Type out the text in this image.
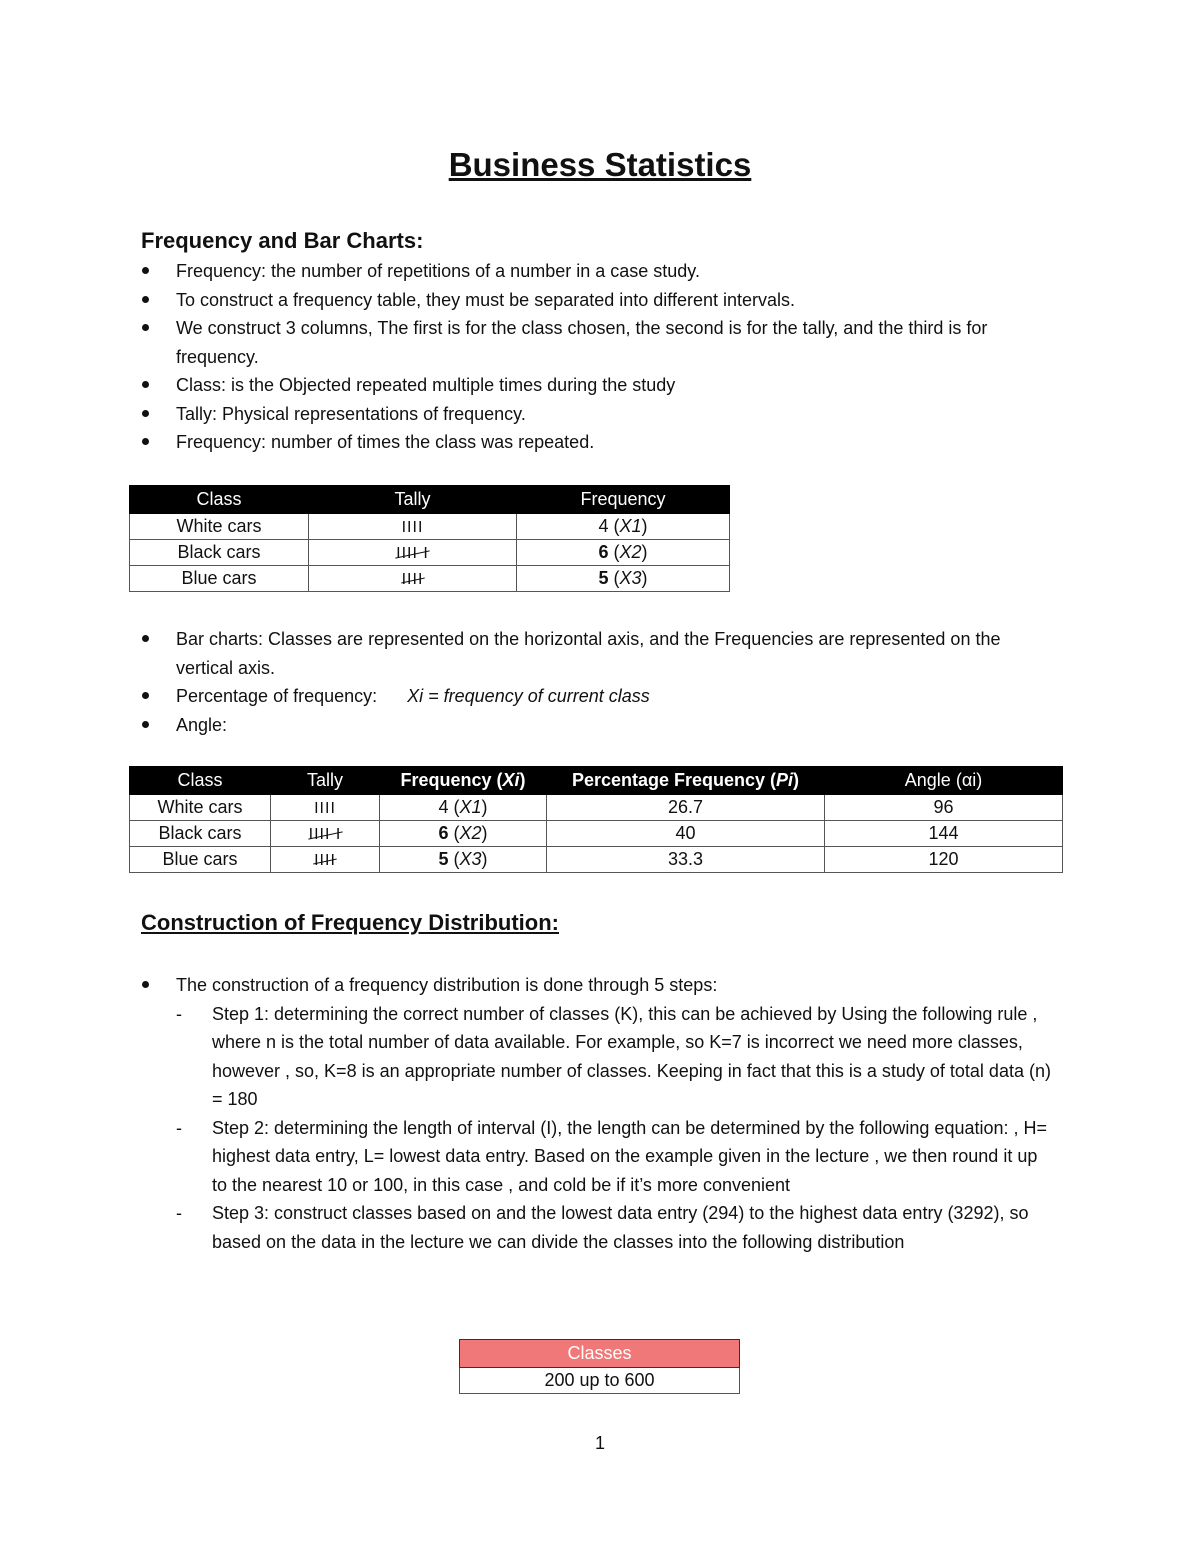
Business Statistics
Frequency and Bar Charts:
Frequency: the number of repetitions of a number in a case study.
To construct a frequency table, they must be separated into different intervals.
We construct 3 columns, The first is for the class chosen, the second is for the tally, and the third is for frequency.
Class: is the Objected repeated multiple times during the study
Tally: Physical representations of frequency.
Frequency: number of times the class was repeated.
Class	Tally	Frequency
White cars	IIII	4 (X1)
Black cars	IIII I	6 (X2)
Blue cars	IIII	5 (X3)
Bar charts: Classes are represented on the horizontal axis, and the Frequencies are represented on the vertical axis.
Percentage of frequency: Xi = frequency of current class
Angle:
Class	Tally	Frequency (Xi)	Percentage Frequency (Pi)	Angle (αi)
White cars	IIII	4 (X1)	26.7	96
Black cars	IIII I	6 (X2)	40	144
Blue cars	IIII	5 (X3)	33.3	120
Construction of Frequency Distribution:
The construction of a frequency distribution is done through 5 steps:
- Step 1: determining the correct number of classes (K), this can be achieved by Using the following rule , where n is the total number of data available. For example, so K=7 is incorrect we need more classes, however , so, K=8 is an appropriate number of classes. Keeping in fact that this is a study of total data (n) = 180
- Step 2: determining the length of interval (I), the length can be determined by the following equation: , H= highest data entry, L= lowest data entry. Based on the example given in the lecture , we then round it up to the nearest 10 or 100, in this case , and cold be if it’s more convenient
- Step 3: construct classes based on and the lowest data entry (294) to the highest data entry (3292), so based on the data in the lecture we can divide the classes into the following distribution
Classes
200 up to 600
1
